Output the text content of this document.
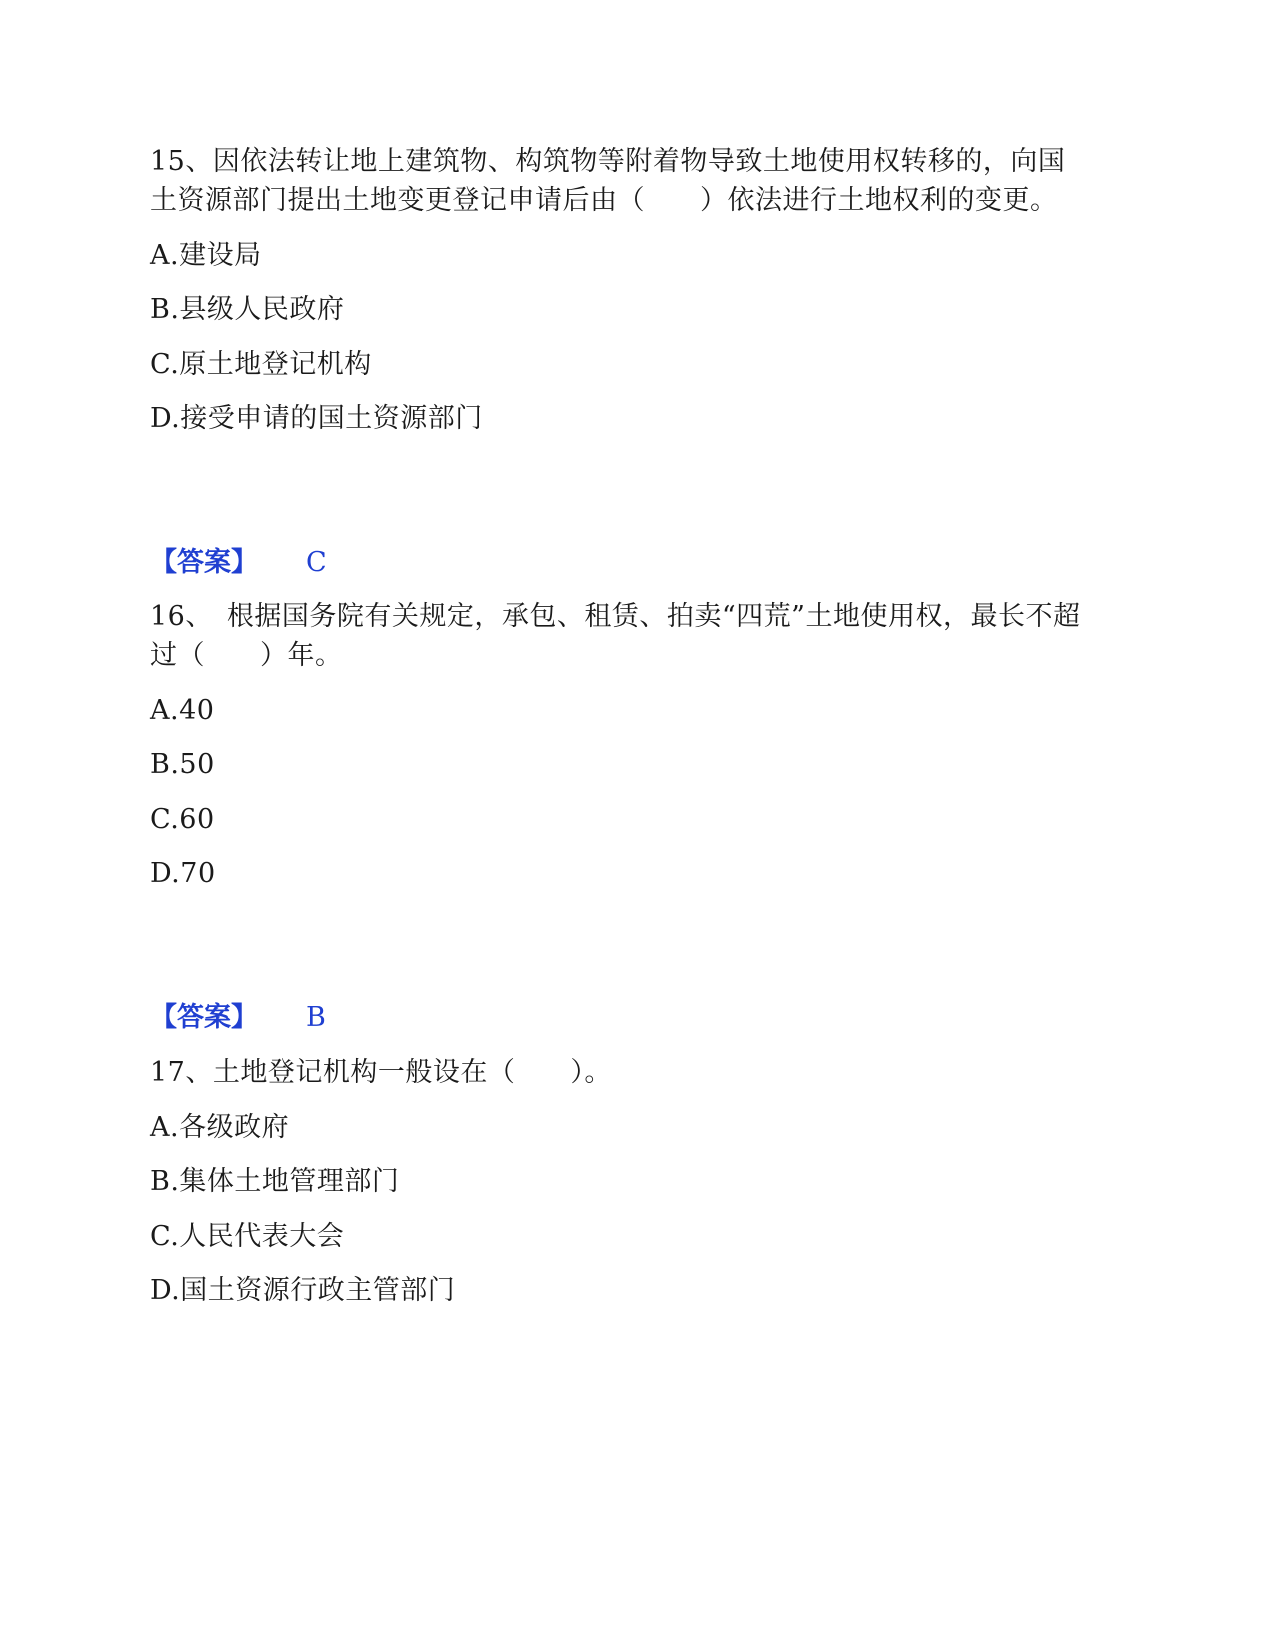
15、因依法转让地上建筑物、构筑物等附着物导致土地使用权转移的，向国
土资源部门提出土地变更登记申请后由（　　）依法进行土地权利的变更。
A.建设局
B.县级人民政府
C.原土地登记机构
D.接受申请的国土资源部门
【答案】 C
16、　根据国务院有关规定，承包、租赁、拍卖“四荒”土地使用权，最长不超
过（　　）年。
A.40
B.50
C.60
D.70
【答案】 B
17、土地登记机构一般设在（　　）。
A.各级政府
B.集体土地管理部门
C.人民代表大会
D.国土资源行政主管部门
